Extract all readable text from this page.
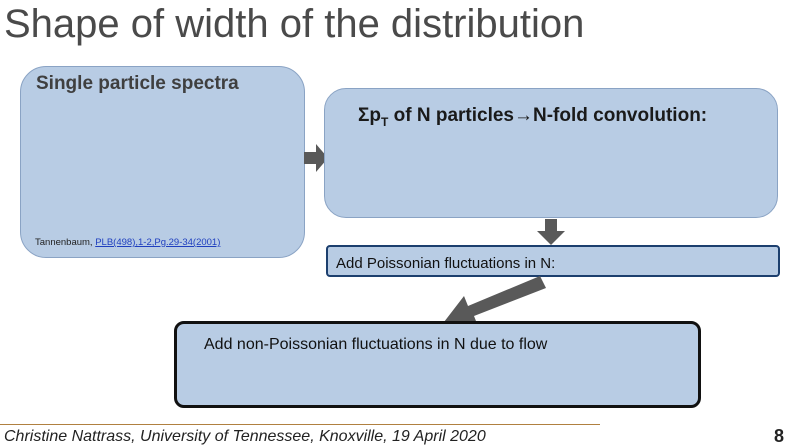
Shape of width of the distribution
Single particle spectra
Tannenbaum, PLB(498),1-2,Pg.29-34(2001)
$\Sigma p_T$ of N particles→N-fold convolution:
Add Poissonian fluctuations in N:
Add non-Poissonian fluctuations in N due to flow
Christine Nattrass, University of Tennessee, Knoxville, 19 April 2020	8
